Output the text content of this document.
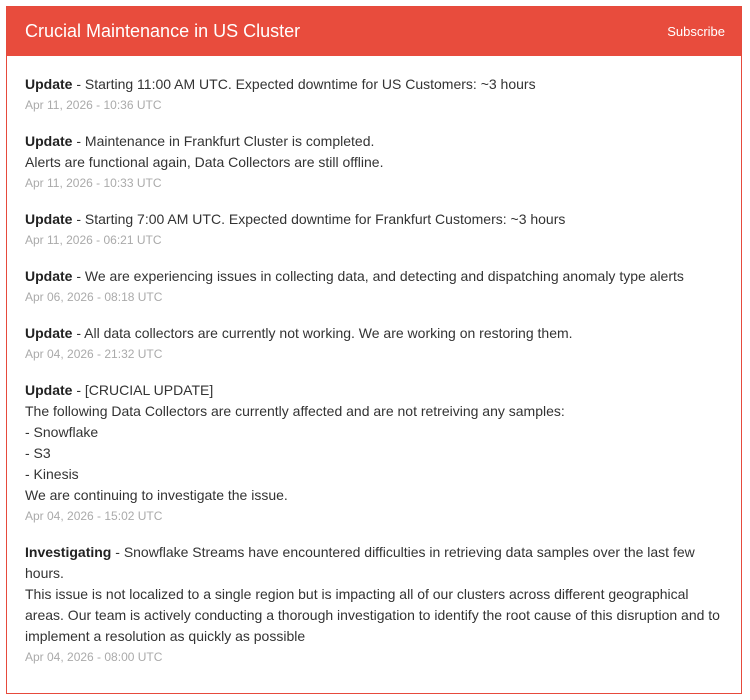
Crucial Maintenance in US Cluster	Subscribe
Update - Starting 11:00 AM UTC. Expected downtime for US Customers: ~3 hours
Apr 11, 2026 - 10:36 UTC
Update - Maintenance in Frankfurt Cluster is completed.
Alerts are functional again, Data Collectors are still offline.
Apr 11, 2026 - 10:33 UTC
Update - Starting 7:00 AM UTC. Expected downtime for Frankfurt Customers: ~3 hours
Apr 11, 2026 - 06:21 UTC
Update - We are experiencing issues in collecting data, and detecting and dispatching anomaly type alerts
Apr 06, 2026 - 08:18 UTC
Update - All data collectors are currently not working. We are working on restoring them.
Apr 04, 2026 - 21:32 UTC
Update - [CRUCIAL UPDATE]
The following Data Collectors are currently affected and are not retreiving any samples:
- Snowflake
- S3
- Kinesis
We are continuing to investigate the issue.
Apr 04, 2026 - 15:02 UTC
Investigating - Snowflake Streams have encountered difficulties in retrieving data samples over the last few hours.
This issue is not localized to a single region but is impacting all of our clusters across different geographical areas. Our team is actively conducting a thorough investigation to identify the root cause of this disruption and to implement a resolution as quickly as possible
Apr 04, 2026 - 08:00 UTC
